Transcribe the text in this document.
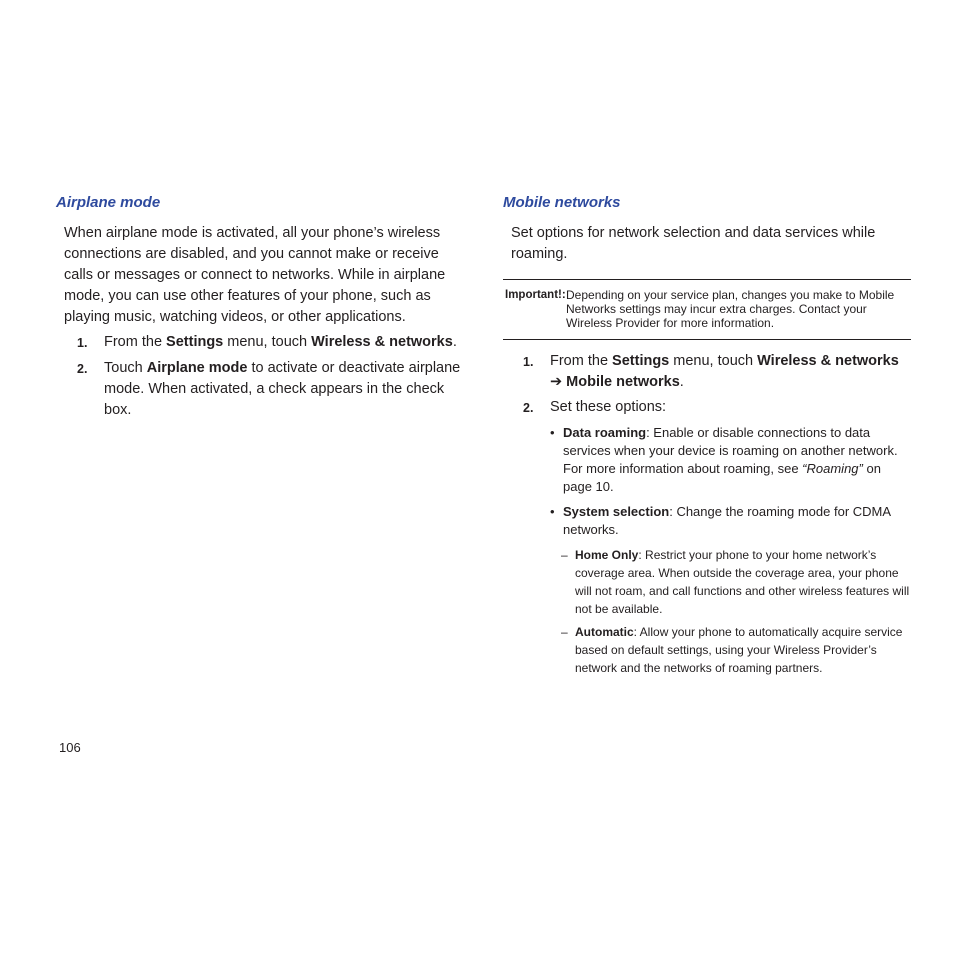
Airplane mode

When airplane mode is activated, all your phone’s wireless connections are disabled, and you cannot make or receive calls or messages or connect to networks. While in airplane mode, you can use other features of your phone, such as playing music, watching videos, or other applications.

1. From the Settings menu, touch Wireless & networks.
2. Touch Airplane mode to activate or deactivate airplane mode. When activated, a check appears in the check box.
Mobile networks

Set options for network selection and data services while roaming.

Important!: Depending on your service plan, changes you make to Mobile Networks settings may incur extra charges. Contact your Wireless Provider for more information.
1. From the Settings menu, touch Wireless & networks ➔ Mobile networks.
2. Set these options:
• Data roaming: Enable or disable connections to data services when your device is roaming on another network. For more information about roaming, see “Roaming” on page 10.
• System selection: Change the roaming mode for CDMA networks.
– Home Only: Restrict your phone to your home network’s coverage area. When outside the coverage area, your phone will not roam, and call functions and other wireless features will not be available.
– Automatic: Allow your phone to automatically acquire service based on default settings, using your Wireless Provider’s network and the networks of roaming partners.
106
